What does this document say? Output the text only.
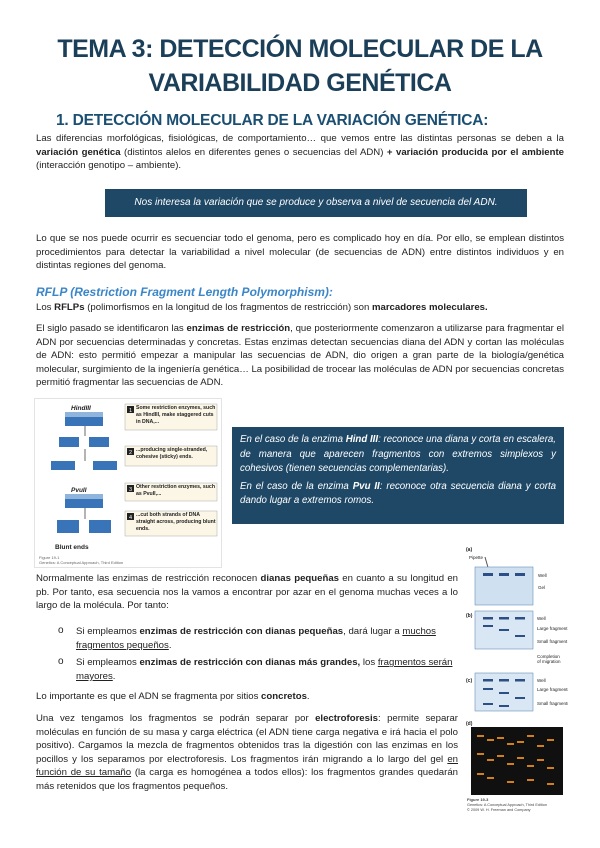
TEMA 3: DETECCIÓN MOLECULAR DE LA
VARIABILIDAD GENÉTICA
1. DETECCIÓN MOLECULAR DE LA VARIACIÓN GENÉTICA:

Las diferencias morfológicas, fisiológicas, de comportamiento… que vemos entre las distintas personas se deben a la variación genética (distintos alelos en diferentes genes o secuencias del ADN) + variación producida por el ambiente (interacción genotipo – ambiente).

Nos interesa la variación que se produce y observa a nivel de secuencia del ADN.

Lo que se nos puede ocurrir es secuenciar todo el genoma, pero es complicado hoy en día. Por ello, se emplean distintos procedimientos para detectar la variabilidad a nivel molecular (de secuencias de ADN) entre distintos individuos y en distintas regiones del genoma.

RFLP (Restriction Fragment Length Polymorphism):

Los RFLPs (polimorfismos en la longitud de los fragmentos de restricción) son marcadores moleculares.

El siglo pasado se identificaron las enzimas de restricción, que posteriormente comenzaron a utilizarse para fragmentar el ADN por secuencias determinadas y concretas. Estas enzimas detectan secuencias diana del ADN y cortan las moléculas de ADN: esto permitió empezar a manipular las secuencias de ADN, dio origen a gran parte de la biología/genética molecular, surgimiento de la ingeniería genética… La posibilidad de trocear las moléculas de ADN por secuencias concretas permitió fragmentar las secuencias de ADN.

HindIII
PvuII
Blunt ends
1 Some restriction enzymes, such as HindIII, make staggered cuts in DNA,...
2 ...producing single-stranded, cohesive (sticky) ends.
3 Other restriction enzymes, such as PvuII,...
4 ...cut both strands of DNA straight across, producing blunt ends.
Figure 19-1
Genetics: A Conceptual Approach, Third Edition

En el caso de la enzima Hind III: reconoce una diana y corta en escalera, de manera que aparecen fragmentos con extremos simplexos y cohesivos (tienen secuencias complementarias).

En el caso de la enzima Pvu II: reconoce otra secuencia diana y corta dando lugar a extremos romos.

Normalmente las enzimas de restricción reconocen dianas pequeñas en cuanto a su longitud en pb. Por tanto, esa secuencia nos la vamos a encontrar por azar en el genoma muchas veces a lo largo de la molécula. Por tanto:

o Si empleamos enzimas de restricción con dianas pequeñas, dará lugar a muchos fragmentos pequeños.
o Si empleamos enzimas de restricción con dianas más grandes, los fragmentos serán mayores.

Lo importante es que el ADN se fragmenta por sitios concretos.

Una vez tengamos los fragmentos se podrán separar por electroforesis: permite separar moléculas en función de su masa y carga eléctrica (el ADN tiene carga negativa e irá hacia el polo positivo). Cargamos la mezcla de fragmentos obtenidos tras la digestión con las enzimas en los pocillos y los separamos por electroforesis. Los fragmentos irán migrando a lo largo del gel en función de su tamaño (la carga es homogénea a todos ellos): los fragmentos grandes quedarán más retenidos que los fragmentos pequeños.

(a)
Pipette
Well
Gel
(b)	Well
Large fragment
Small fragment
Completion
of migration
(c)	Well
Large fragments
Small fragments
(d)
Figure 19-3
Genetics: A Conceptual Approach, Third Edition
© 2009 W. H. Freeman and Company
